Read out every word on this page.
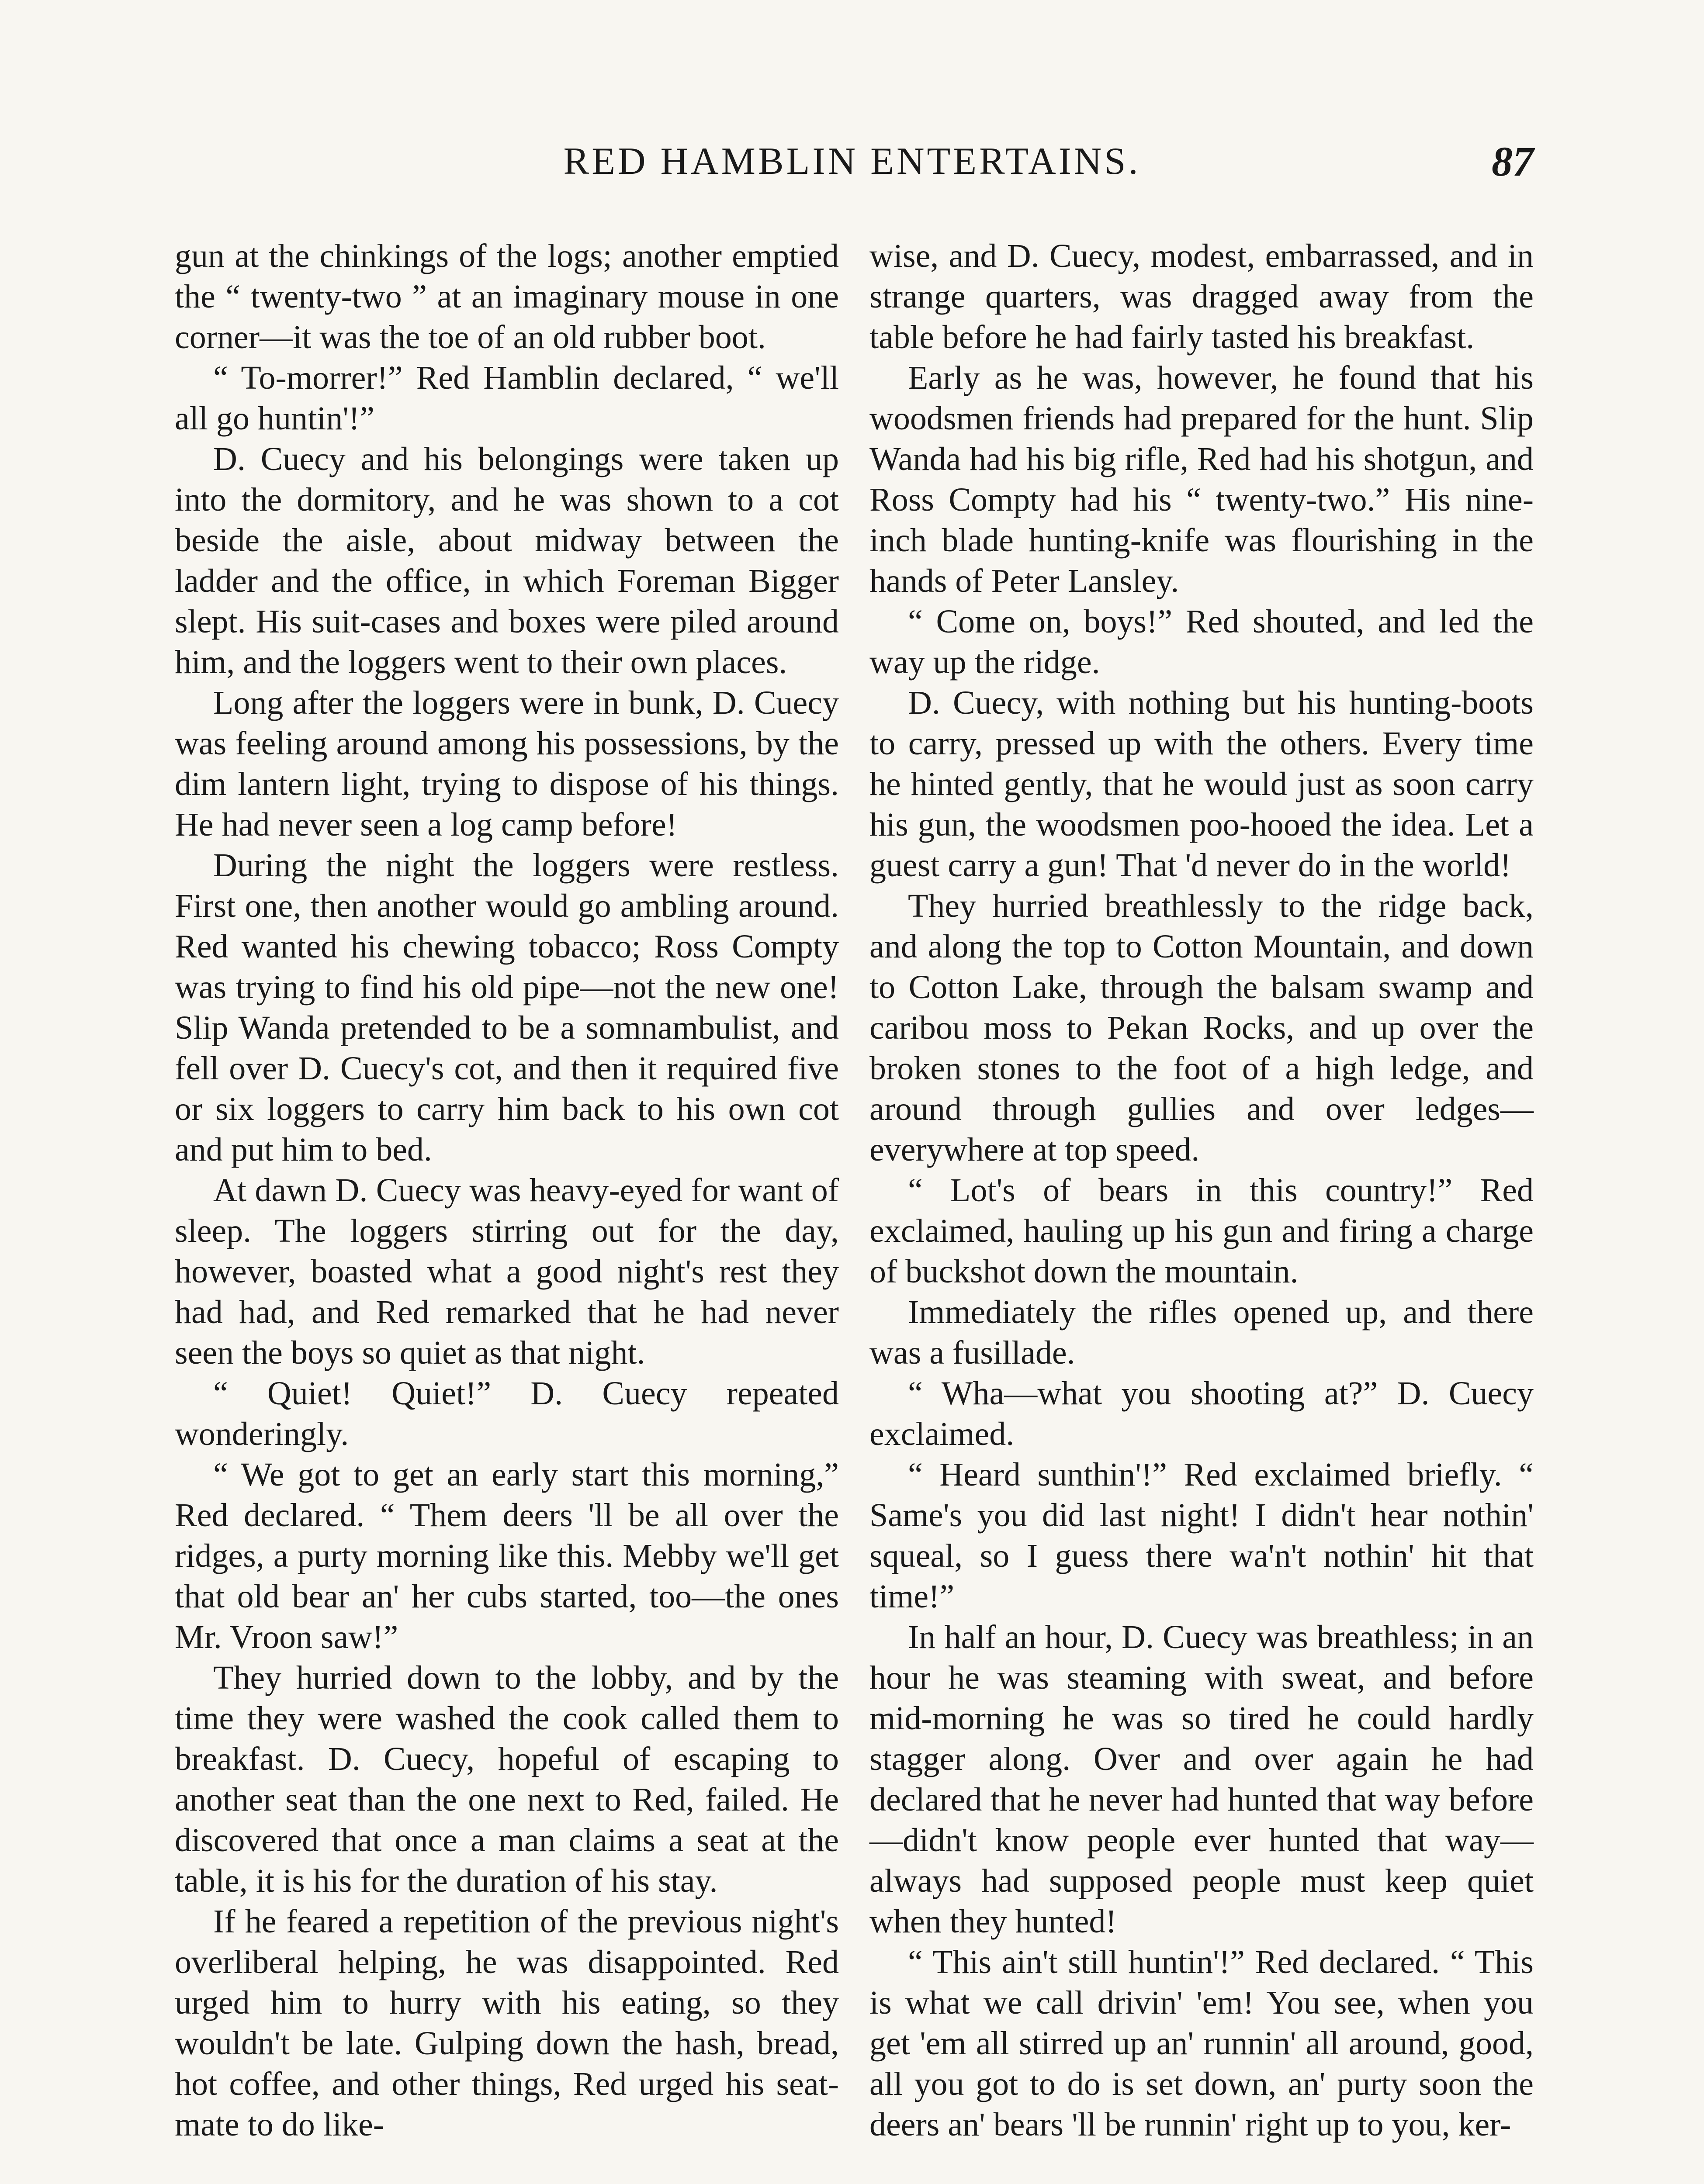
RED HAMBLIN ENTERTAINS.	87

gun at the chinkings of the logs; another emptied the “ twenty-two ” at an imaginary mouse in one corner—it was the toe of an old rubber boot.

“ To-morrer!” Red Hamblin declared, “ we'll all go huntin'!”

D. Cuecy and his belongings were taken up into the dormitory, and he was shown to a cot beside the aisle, about midway between the ladder and the office, in which Foreman Bigger slept. His suit-cases and boxes were piled around him, and the loggers went to their own places.

Long after the loggers were in bunk, D. Cuecy was feeling around among his possessions, by the dim lantern light, trying to dispose of his things. He had never seen a log camp before!

During the night the loggers were restless. First one, then another would go ambling around. Red wanted his chewing tobacco; Ross Compty was trying to find his old pipe—not the new one! Slip Wanda pretended to be a somnambulist, and fell over D. Cuecy's cot, and then it required five or six loggers to carry him back to his own cot and put him to bed.

At dawn D. Cuecy was heavy-eyed for want of sleep. The loggers stirring out for the day, however, boasted what a good night's rest they had had, and Red remarked that he had never seen the boys so quiet as that night.

“ Quiet! Quiet!” D. Cuecy repeated wonderingly.

“ We got to get an early start this morning,” Red declared. “ Them deers 'll be all over the ridges, a purty morning like this. Mebby we'll get that old bear an' her cubs started, too—the ones Mr. Vroon saw!”

They hurried down to the lobby, and by the time they were washed the cook called them to breakfast. D. Cuecy, hopeful of escaping to another seat than the one next to Red, failed. He discovered that once a man claims a seat at the table, it is his for the duration of his stay.

If he feared a repetition of the previous night's overliberal helping, he was disappointed. Red urged him to hurry with his eating, so they wouldn't be late. Gulping down the hash, bread, hot coffee, and other things, Red urged his seat-mate to do like-

wise, and D. Cuecy, modest, embarrassed, and in strange quarters, was dragged away from the table before he had fairly tasted his breakfast.

Early as he was, however, he found that his woodsmen friends had prepared for the hunt. Slip Wanda had his big rifle, Red had his shotgun, and Ross Compty had his “ twenty-two.” His nine-inch blade hunting-knife was flourishing in the hands of Peter Lansley.

“ Come on, boys!” Red shouted, and led the way up the ridge.

D. Cuecy, with nothing but his hunting-boots to carry, pressed up with the others. Every time he hinted gently, that he would just as soon carry his gun, the woodsmen poo-hooed the idea. Let a guest carry a gun! That 'd never do in the world!

They hurried breathlessly to the ridge back, and along the top to Cotton Mountain, and down to Cotton Lake, through the balsam swamp and caribou moss to Pekan Rocks, and up over the broken stones to the foot of a high ledge, and around through gullies and over ledges—everywhere at top speed.

“ Lot's of bears in this country!” Red exclaimed, hauling up his gun and firing a charge of buckshot down the mountain.

Immediately the rifles opened up, and there was a fusillade.

“ Wha—what you shooting at?” D. Cuecy exclaimed.

“ Heard sunthin'!” Red exclaimed briefly. “ Same's you did last night! I didn't hear nothin' squeal, so I guess there wa'n't nothin' hit that time!”

In half an hour, D. Cuecy was breathless; in an hour he was steaming with sweat, and before mid-morning he was so tired he could hardly stagger along. Over and over again he had declared that he never had hunted that way before—didn't know people ever hunted that way—always had supposed people must keep quiet when they hunted!

“ This ain't still huntin'!” Red declared. “ This is what we call drivin' 'em! You see, when you get 'em all stirred up an' runnin' all around, good, all you got to do is set down, an' purty soon the deers an' bears 'll be runnin' right up to you, ker-
